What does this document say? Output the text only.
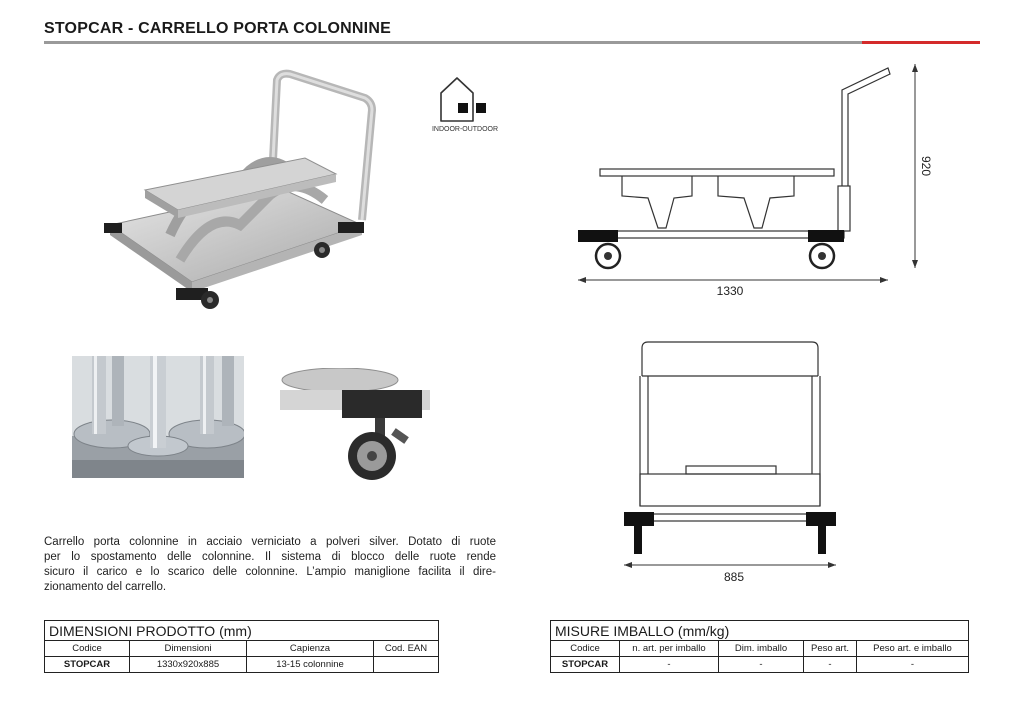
STOPCAR - CARRELLO PORTA COLONNINE
INDOOR-OUTDOOR
1330
920
885
Carrello porta colonnine in acciaio verniciato a polveri silver. Dotato di ruote
per lo spostamento delle colonnine. Il sistema di blocco delle ruote rende
sicuro il carico e lo scarico delle colonnine. L’ampio maniglione facilita il dire-
zionamento del carrello.
DIMENSIONI PRODOTTO (mm)			
Codice	Dimensioni	Capienza	Cod. EAN
STOPCAR	1330x920x885	13-15 colonnine	
MISURE IMBALLO (mm/kg)				
Codice	n. art. per imballo	Dim. imballo	Peso art.	Peso art. e imballo
STOPCAR	-	-	-	-
